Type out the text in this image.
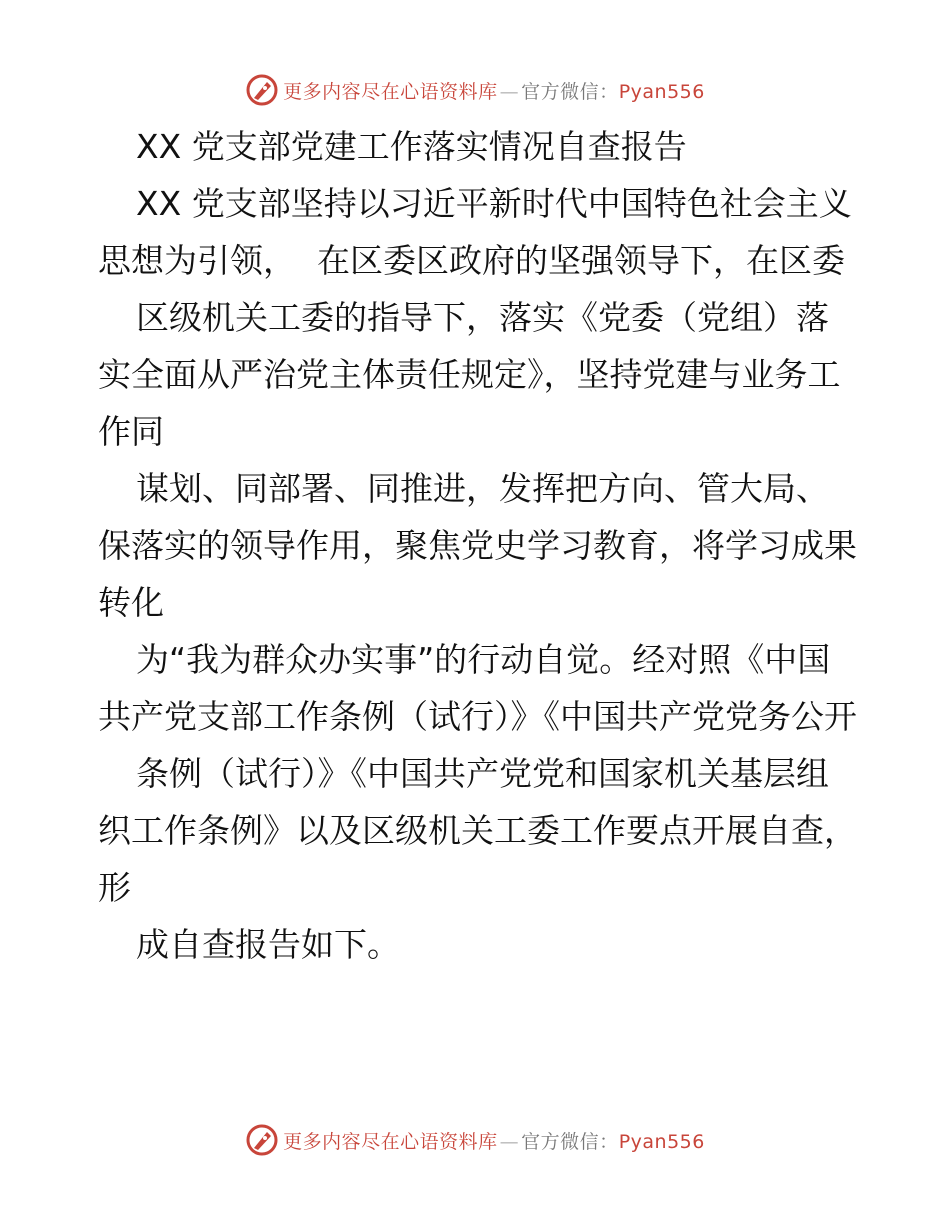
更多内容尽在心语资料库 — 官方微信：Pyan556

XX 党支部党建工作落实情况自查报告

XX 党支部坚持以习近平新时代中国特色社会主义思想为引领，  在区委区政府的坚强领导下，在区委

区级机关工委的指导下，落实《党委（党组）落实全面从严治党主体责任规定》，坚持党建与业务工作同

谋划、同部署、同推进，发挥把方向、管大局、保落实的领导作用，聚焦党史学习教育，将学习成果转化

为“我为群众办实事”的行动自觉。经对照《中国共产党支部工作条例（试行）》《中国共产党党务公开

条例（试行）》《中国共产党党和国家机关基层组织工作条例》以及区级机关工委工作要点开展自查，形

成自查报告如下。

更多内容尽在心语资料库 — 官方微信：Pyan556
